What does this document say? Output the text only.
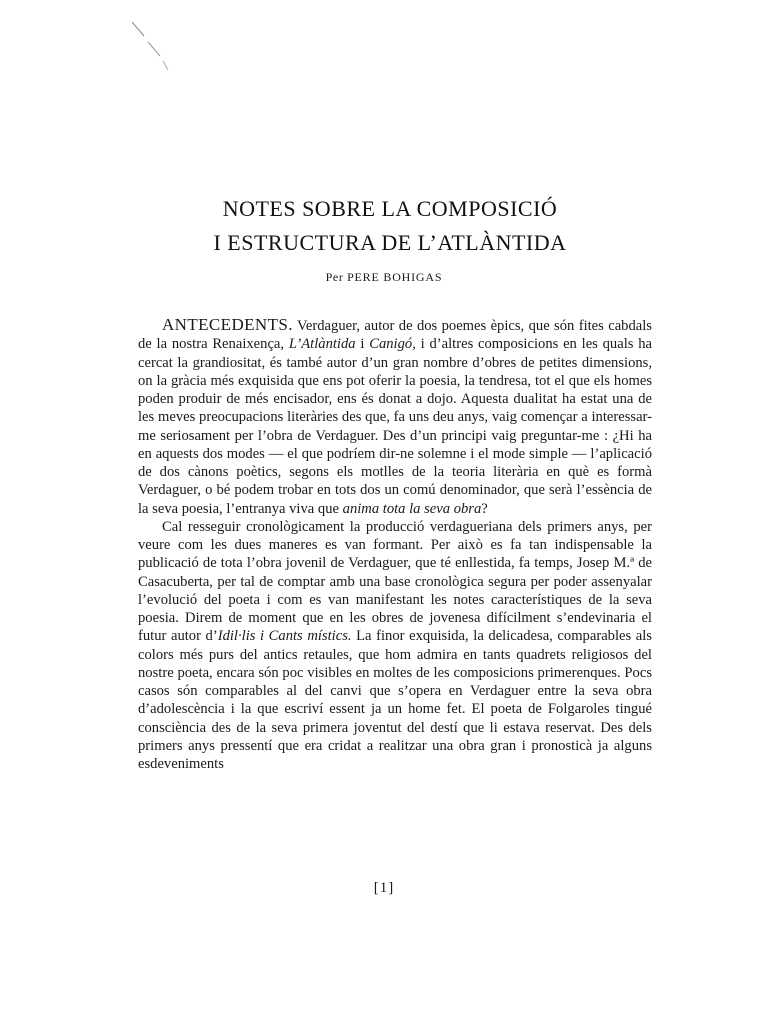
NOTES SOBRE LA COMPOSICIÓ
I ESTRUCTURA DE L’ATLÀNTIDA
Per PERE BOHIGAS

ANTECEDENTS. Verdaguer, autor de dos poemes èpics, que són fites cabdals de la nostra Renaixença, L’Atlàntida i Canigó, i d’altres composicions en les quals ha cercat la grandiositat, és també autor d’un gran nombre d’obres de petites dimensions, on la gràcia més exquisida que ens pot oferir la poesia, la tendresa, tot el que els homes poden produir de més encisador, ens és donat a dojo. Aquesta dualitat ha estat una de les meves preocupacions literàries des que, fa uns deu anys, vaig començar a interessar-me seriosament per l’obra de Verdaguer. Des d’un principi vaig preguntar-me : ¿Hi ha en aquests dos modes — el que podríem dir-ne solemne i el mode simple — l’aplicació de dos cànons poètics, segons els motlles de la teoria literària en què es formà Verdaguer, o bé podem trobar en tots dos un comú denominador, que serà l’essència de la seva poesia, l’entranya viva que anima tota la seva obra?

Cal resseguir cronològicament la producció verdagueriana dels primers anys, per veure com les dues maneres es van formant. Per això es fa tan indispensable la publicació de tota l’obra jovenil de Verdaguer, que té enllestida, fa temps, Josep M.ª de Casacuberta, per tal de comptar amb una base cronològica segura per poder assenyalar l’evolució del poeta i com es van manifestant les notes característiques de la seva poesia. Direm de moment que en les obres de jovenesa difícilment s’endevinaria el futur autor d’Idil·lis i Cants místics. La finor exquisida, la delicadesa, comparables als colors més purs del antics retaules, que hom admira en tants quadrets religiosos del nostre poeta, encara són poc visibles en moltes de les composicions primerenques. Pocs casos són comparables al del canvi que s’opera en Verdaguer entre la seva obra d’adolescència i la que escriví essent ja un home fet. El poeta de Folgaroles tingué consciència des de la seva primera joventut del destí que li estava reservat. Des dels primers anys pressentí que era cridat a realitzar una obra gran i pronosticà ja alguns esdeveniments

[1]
